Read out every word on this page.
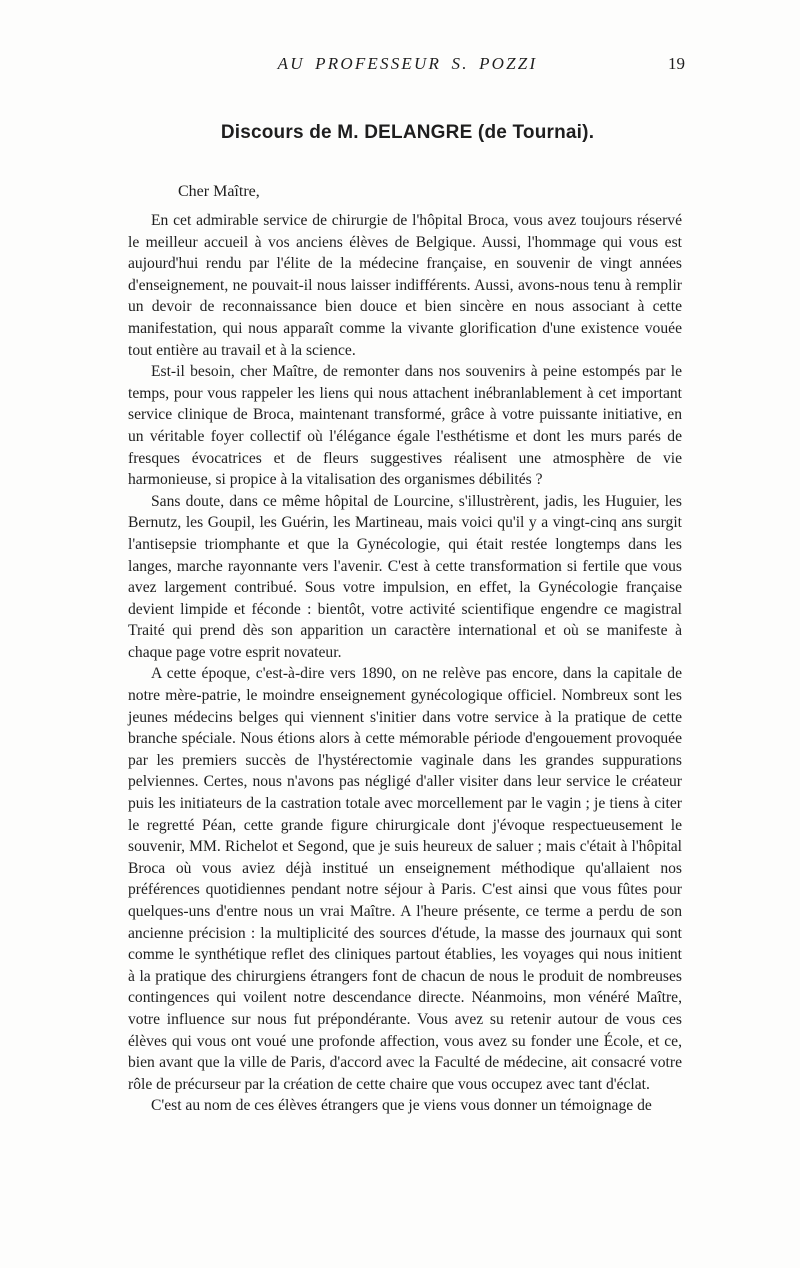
AU PROFESSEUR S. POZZI	19
Discours de M. DELANGRE (de Tournai).
Cher Maître,

En cet admirable service de chirurgie de l'hôpital Broca, vous avez toujours réservé le meilleur accueil à vos anciens élèves de Belgique. Aussi, l'hommage qui vous est aujourd'hui rendu par l'élite de la médecine française, en souvenir de vingt années d'enseignement, ne pouvait-il nous laisser indifférents. Aussi, avons-nous tenu à remplir un devoir de reconnaissance bien douce et bien sincère en nous associant à cette manifestation, qui nous apparaît comme la vivante glorification d'une existence vouée tout entière au travail et à la science.

Est-il besoin, cher Maître, de remonter dans nos souvenirs à peine estompés par le temps, pour vous rappeler les liens qui nous attachent inébranlablement à cet important service clinique de Broca, maintenant transformé, grâce à votre puissante initiative, en un véritable foyer collectif où l'élégance égale l'esthétisme et dont les murs parés de fresques évocatrices et de fleurs suggestives réalisent une atmosphère de vie harmonieuse, si propice à la vitalisation des organismes débilités ?

Sans doute, dans ce même hôpital de Lourcine, s'illustrèrent, jadis, les Huguier, les Bernutz, les Goupil, les Guérin, les Martineau, mais voici qu'il y a vingt-cinq ans surgit l'antisepsie triomphante et que la Gynécologie, qui était restée longtemps dans les langes, marche rayonnante vers l'avenir. C'est à cette transformation si fertile que vous avez largement contribué. Sous votre impulsion, en effet, la Gynécologie française devient limpide et féconde : bientôt, votre activité scientifique engendre ce magistral Traité qui prend dès son apparition un caractère international et où se manifeste à chaque page votre esprit novateur.

A cette époque, c'est-à-dire vers 1890, on ne relève pas encore, dans la capitale de notre mère-patrie, le moindre enseignement gynécologique officiel. Nombreux sont les jeunes médecins belges qui viennent s'initier dans votre service à la pratique de cette branche spéciale. Nous étions alors à cette mémorable période d'engouement provoquée par les premiers succès de l'hystérectomie vaginale dans les grandes suppurations pelviennes. Certes, nous n'avons pas négligé d'aller visiter dans leur service le créateur puis les initiateurs de la castration totale avec morcellement par le vagin ; je tiens à citer le regretté Péan, cette grande figure chirurgicale dont j'évoque respectueusement le souvenir, MM. Richelot et Segond, que je suis heureux de saluer ; mais c'était à l'hôpital Broca où vous aviez déjà institué un enseignement méthodique qu'allaient nos préférences quotidiennes pendant notre séjour à Paris. C'est ainsi que vous fûtes pour quelques-uns d'entre nous un vrai Maître. A l'heure présente, ce terme a perdu de son ancienne précision : la multiplicité des sources d'étude, la masse des journaux qui sont comme le synthétique reflet des cliniques partout établies, les voyages qui nous initient à la pratique des chirurgiens étrangers font de chacun de nous le produit de nombreuses contingences qui voilent notre descendance directe. Néanmoins, mon vénéré Maître, votre influence sur nous fut prépondérante. Vous avez su retenir autour de vous ces élèves qui vous ont voué une profonde affection, vous avez su fonder une École, et ce, bien avant que la ville de Paris, d'accord avec la Faculté de médecine, ait consacré votre rôle de précurseur par la création de cette chaire que vous occupez avec tant d'éclat.

C'est au nom de ces élèves étrangers que je viens vous donner un témoignage de
